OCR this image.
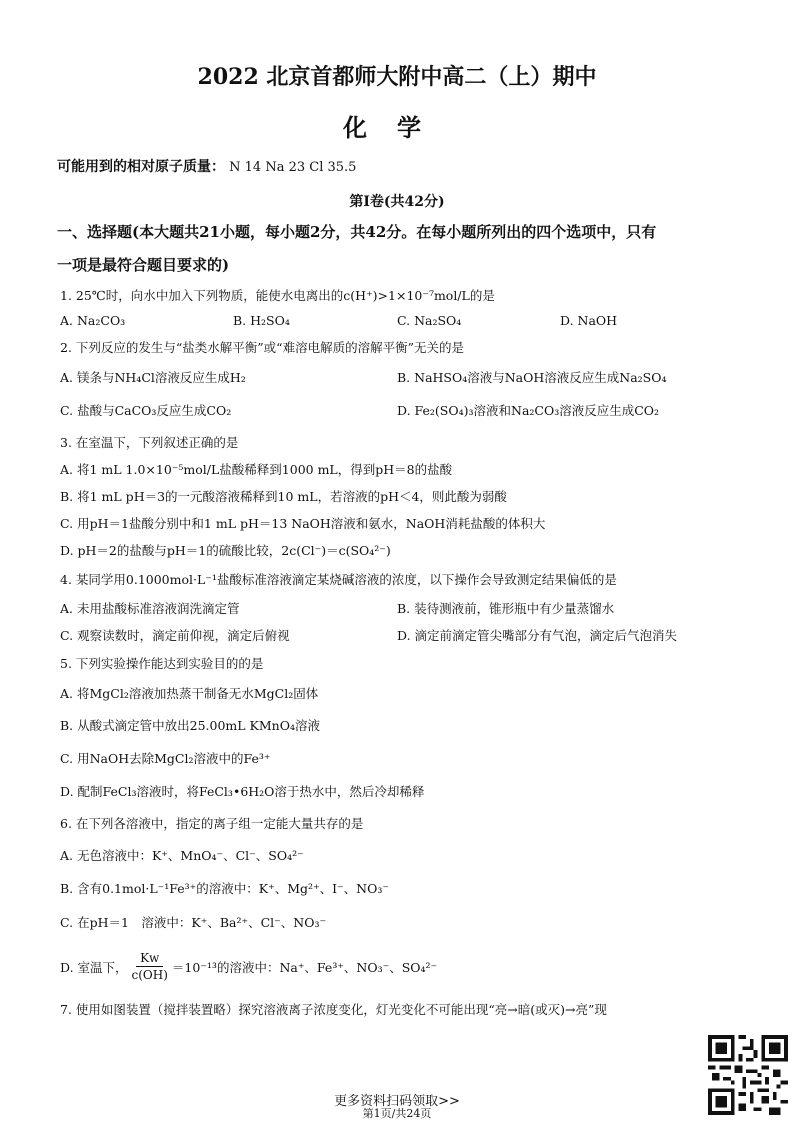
2022 北京首都师大附中高二（上）期中
化学
可能用到的相对原子质量： N 14 Na 23 Cl 35.5
第I卷(共42分)
一、选择题(本大题共21小题，每小题2分，共42分。在每小题所列出的四个选项中，只有
一项是最符合题目要求的)
1. 25℃时，向水中加入下列物质，能使水电离出的c(H⁺)>1×10⁻⁷mol/L的是
A. Na₂CO₃	B. H₂SO₄	C. Na₂SO₄	D. NaOH
2. 下列反应的发生与“盐类水解平衡”或“难溶电解质的溶解平衡”无关的是
A. 镁条与NH₄Cl溶液反应生成H₂	B. NaHSO₄溶液与NaOH溶液反应生成Na₂SO₄
C. 盐酸与CaCO₃反应生成CO₂	D. Fe₂(SO₄)₃溶液和Na₂CO₃溶液反应生成CO₂
3. 在室温下，下列叙述正确的是
A. 将1 mL 1.0×10⁻⁵mol/L盐酸稀释到1000 mL，得到pH＝8的盐酸
B. 将1 mL pH＝3的一元酸溶液稀释到10 mL，若溶液的pH＜4，则此酸为弱酸
C. 用pH＝1盐酸分别中和1 mL pH＝13 NaOH溶液和氨水，NaOH消耗盐酸的体积大
D. pH＝2的盐酸与pH＝1的硫酸比较，2c(Cl⁻)＝c(SO₄²⁻)
4. 某同学用0.1000mol·L⁻¹盐酸标准溶液滴定某烧碱溶液的浓度，以下操作会导致测定结果偏低的是
A. 未用盐酸标准溶液润洗滴定管	B. 装待测液前，锥形瓶中有少量蒸馏水
C. 观察读数时，滴定前仰视，滴定后俯视	D. 滴定前滴定管尖嘴部分有气泡，滴定后气泡消失
5. 下列实验操作能达到实验目的的是
A. 将MgCl₂溶液加热蒸干制备无水MgCl₂固体
B. 从酸式滴定管中放出25.00mL KMnO₄溶液
C. 用NaOH去除MgCl₂溶液中的Fe³⁺
D. 配制FeCl₃溶液时，将FeCl₃•6H₂O溶于热水中，然后冷却稀释
6. 在下列各溶液中，指定的离子组一定能大量共存的是
A. 无色溶液中：K⁺、MnO₄⁻、Cl⁻、SO₄²⁻
B. 含有0.1mol·L⁻¹Fe³⁺的溶液中：K⁺、Mg²⁺、I⁻、NO₃⁻
C. 在pH＝1　溶液中：K⁺、Ba²⁺、Cl⁻、NO₃⁻
D. 室温下， $\frac{Kw}{c(OH)} =10^{-13}$的溶液中：Na⁺、Fe³⁺、NO₃⁻、SO₄²⁻
7. 使用如图装置（搅拌装置略）探究溶液离子浓度变化，灯光变化不可能出现“亮→暗(或灭)→亮”现
更多资料扫码领取>>
第1页/共24页
